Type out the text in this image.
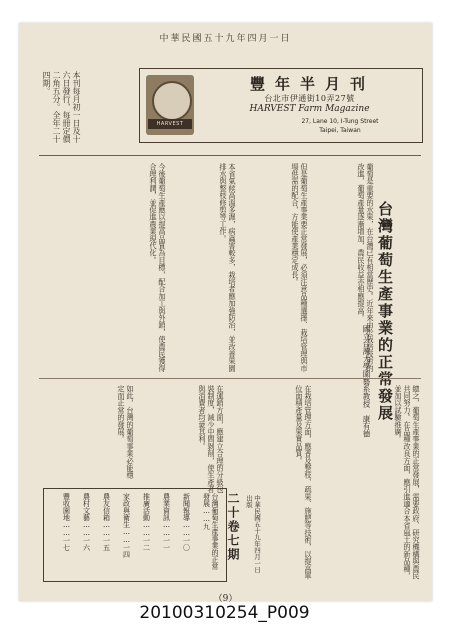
中華民國五十九年四月一日
本刊每月初一日及十六日發行，每冊定價二角五分。全年二十四期。
HARVEST
豐年半月刊
台北市伊通街10弄27號
HARVEST Farm Magazine
27, Lane 10, I-Tung Street
Taipei, Taiwan
台灣葡萄生產事業的正常發展
國立台灣大學園藝系教授　康有德
葡萄是重要的水果，在台灣已有相當歷史。近年來由於栽培技術的改進，葡萄產量逐漸增加，農民收益亦相應提高。
但是葡萄生產事業要正常發展，必須注意品種選擇、栽培管理與市場供需的配合，方能使產業穩定成長。
本省氣候高溫多濕，病蟲害較多，栽培者應加強防治，並改善果園排水與整枝修剪等工作。
今後葡萄生產應以提高品質為目標，配合加工與外銷，使農民獲得合理利潤，並促進農業現代化。
總之，葡萄生產事業的正常發展，需要政府、研究機構與農民共同努力。在品種改良方面，應引進適合本省風土的新品種，並加以試驗推廣。
在栽培管理方面，應普及整枝、疏果、施肥等技術，以提高單位面積產量及果實品質。
在運銷方面，應建立合理的分級包裝制度，減少中間剝削，使生產者與消費者均蒙其利。
如此，台灣的葡萄事業必能穩定而正常的發展。
二十卷七期	中華民國五十九年四月一日出版
台灣葡萄生產事業的正常發展……九
新聞報導……一〇
農業資訊……一一
推廣活動……一二
家政與衛生……一四
農友信箱……一五
農村文藝……一六
豐收園地……一七
（9）
20100310254_P009
